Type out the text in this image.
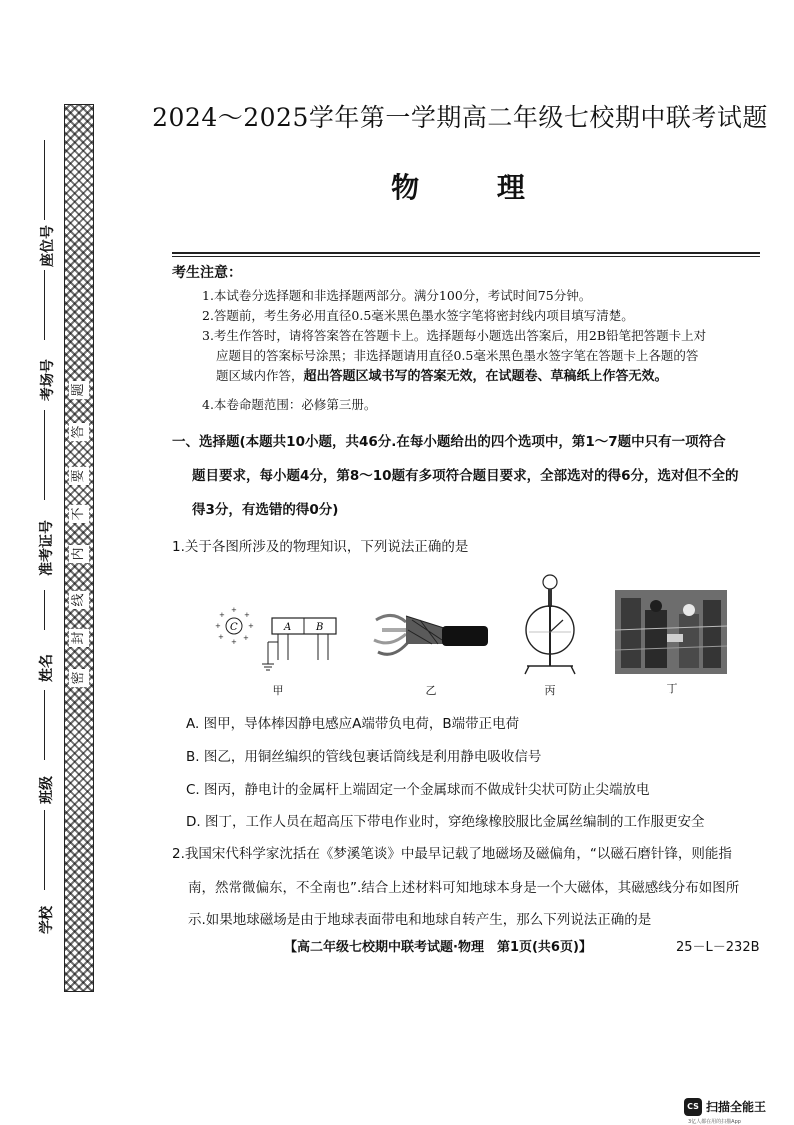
题
答
要
不
内
线
封
密
座位号
考场号
准考证号
姓名
班级
学校
2024～2025学年第一学期高二年级七校期中联考试题
物 理
考生注意：
1.本试卷分选择题和非选择题两部分。满分100分，考试时间75分钟。
2.答题前，考生务必用直径0.5毫米黑色墨水签字笔将密封线内项目填写清楚。
3.考生作答时，请将答案答在答题卡上。选择题每小题选出答案后，用2B铅笔把答题卡上对
应题目的答案标号涂黑；非选择题请用直径0.5毫米黑色墨水签字笔在答题卡上各题的答
题区域内作答，超出答题区域书写的答案无效，在试题卷、草稿纸上作答无效。
4.本卷命题范围：必修第三册。
一、选择题(本题共10小题，共46分.在每小题给出的四个选项中，第1～7题中只有一项符合
题目要求，每小题4分，第8～10题有多项符合题目要求，全部选对的得6分，选对但不全的
得3分，有选错的得0分)
1.关于各图所涉及的物理知识，下列说法正确的是
C
+
+
+
+
+
+
+
+
A B
甲	乙	丙	丁
A. 图甲，导体棒因静电感应A端带负电荷，B端带正电荷
B. 图乙，用铜丝编织的管线包裹话筒线是利用静电吸收信号
C. 图丙，静电计的金属杆上端固定一个金属球而不做成针尖状可防止尖端放电
D. 图丁，工作人员在超高压下带电作业时，穿绝缘橡胶服比金属丝编制的工作服更安全
2.我国宋代科学家沈括在《梦溪笔谈》中最早记载了地磁场及磁偏角，“以磁石磨针锋，则能指
南，然常微偏东，不全南也”.结合上述材料可知地球本身是一个大磁体，其磁感线分布如图所
示.如果地球磁场是由于地球表面带电和地球自转产生，那么下列说法正确的是
【高二年级七校期中联考试题·物理　第1页(共6页)】	25－L－232B
CS 扫描全能王
3亿人都在用的扫描App
